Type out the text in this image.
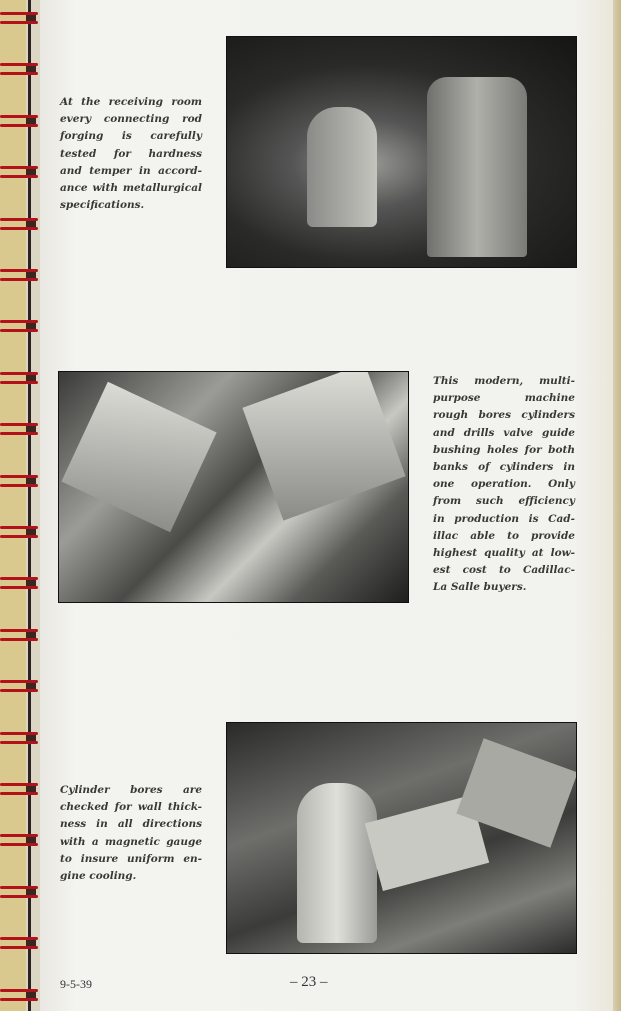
At the receiving room
every connecting rod
forging is carefully
tested for hardness
and temper in accord-
ance with metallurgical
specifications.
This modern, multi-
purpose machine
rough bores cylinders
and drills valve guide
bushing holes for both
banks of cylinders in
one operation. Only
from such efficiency
in production is Cad-
illac able to provide
highest quality at low-
est cost to Cadillac-
La Salle buyers.
Cylinder bores are
checked for wall thick-
ness in all directions
with a magnetic gauge
to insure uniform en-
gine cooling.
9-5-39	– 23 –
